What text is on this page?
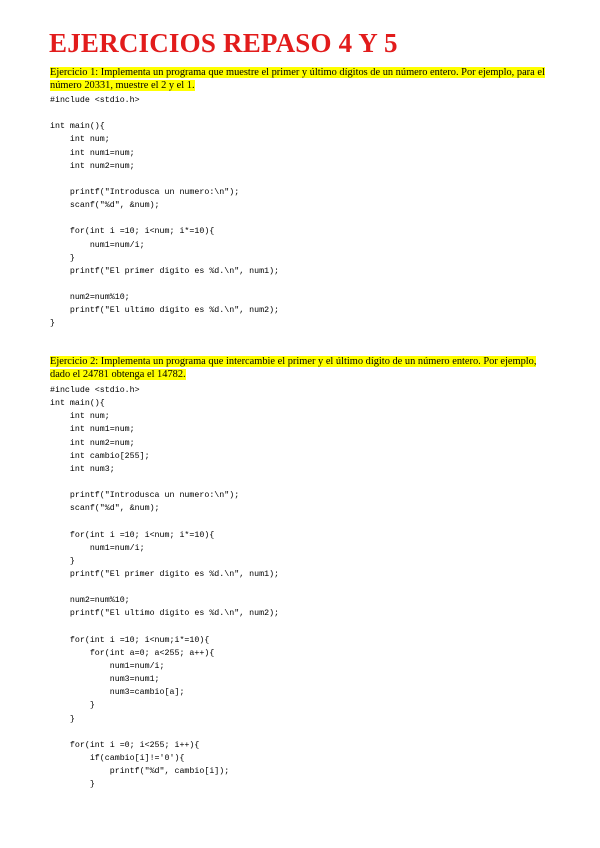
EJERCICIOS REPASO 4 Y 5

Ejercicio 1: Implementa un programa que muestre el primer y último dígitos de un número entero. Por ejemplo, para el número 20331, muestre el 2 y el 1.

#include <stdio.h>
int main(){
int num;
int num1=num;
int num2=num;
printf("Introdusca un numero:\n");
scanf("%d", &num);
for(int i =10; i<num; i*=10){
num1=num/i;
}
printf("El primer digito es %d.\n", num1);
num2=num%10;
printf("El ultimo digito es %d.\n", num2);
}

Ejercicio 2: Implementa un programa que intercambie el primer y el último dígito de un número entero. Por ejemplo, dado el 24781 obtenga el 14782.

#include <stdio.h>
int main(){
int num;
int num1=num;
int num2=num;
int cambio[255];
int num3;
printf("Introdusca un numero:\n");
scanf("%d", &num);
for(int i =10; i<num; i*=10){
num1=num/i;
}
printf("El primer digito es %d.\n", num1);
num2=num%10;
printf("El ultimo digito es %d.\n", num2);
for(int i =10; i<num;i*=10){
for(int a=0; a<255; a++){
num1=num/i;
num3=num1;
num3=cambio[a];
}
}
for(int i =0; i<255; i++){
if(cambio[i]!='0'){
printf("%d", cambio[i]);
}
